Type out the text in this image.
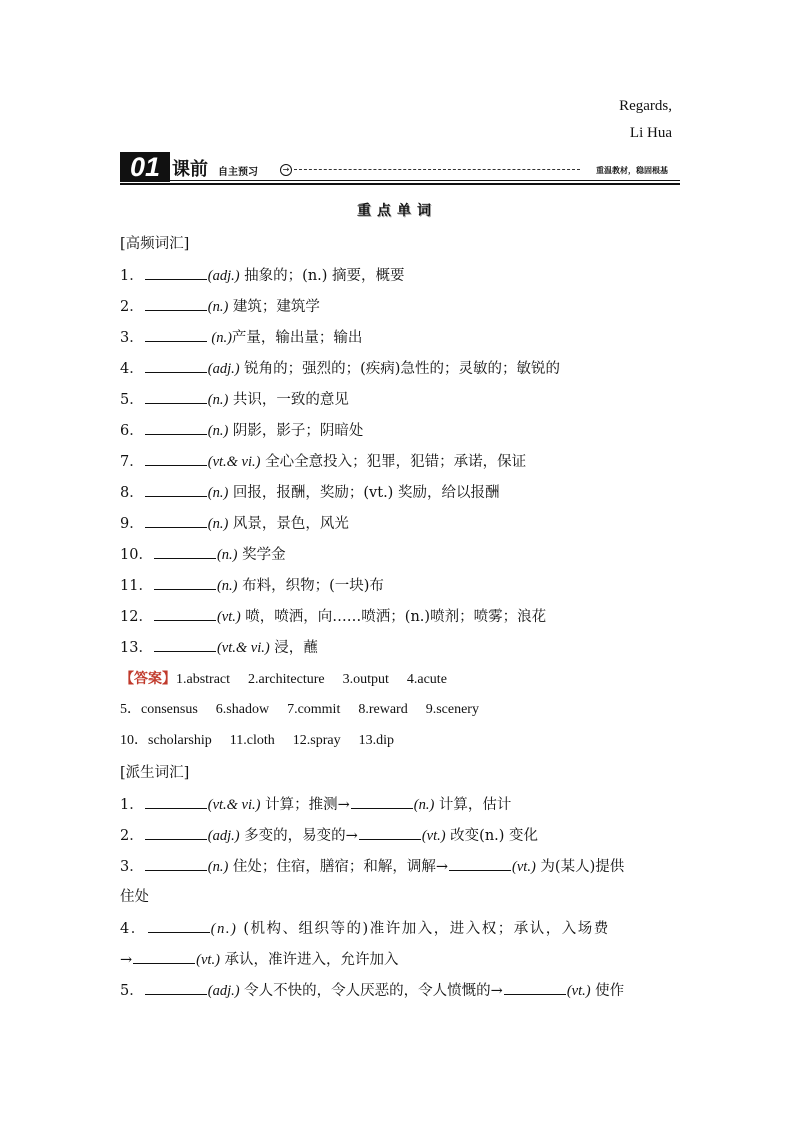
Regards,
Li Hua
01 课前 自主预习	→	重温教材，稳固根基
重点单词
[高频词汇]
1．	(adj.) 抽象的；(n.) 摘要，概要
2．	(n.) 建筑；建筑学
3．	(n.)产量，输出量；输出
4．	(adj.) 锐角的；强烈的；(疾病)急性的；灵敏的；敏锐的
5．	(n.) 共识，一致的意见
6．	(n.) 阴影，影子；阴暗处
7．	(vt.& vi.) 全心全意投入；犯罪，犯错；承诺，保证
8．	(n.) 回报，报酬，奖励；(vt.) 奖励，给以报酬
9．	(n.) 风景，景色，风光
10．	(n.) 奖学金
11．	(n.) 布料，织物；(一块)布
12．	(vt.) 喷，喷洒，向……喷洒；(n.)喷剂；喷雾；浪花
13．	(vt.& vi.) 浸，蘸
【答案】1.abstract 2.architecture 3.output 4.acute
5．consensus 6.shadow 7.commit 8.reward 9.scenery
10．scholarship 11.cloth 12.spray 13.dip
[派生词汇]
1．	(vt.& vi.) 计算；推测→	(n.) 计算，估计
2．	(adj.) 多变的，易变的→	(vt.) 改变(n.) 变化
3．	(n.) 住处；住宿，膳宿；和解，调解→	(vt.) 为(某人)提供
住处
4．	(n.) (机构、组织等的)准许加入，进入权；承认，入场费
→	(vt.) 承认，准许进入，允许加入
5．	(adj.) 令人不快的，令人厌恶的，令人愤慨的→	(vt.) 使作
